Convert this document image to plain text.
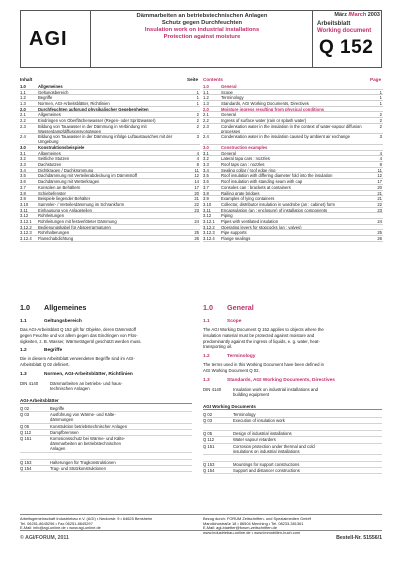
AGI
Dämmarbeiten an betriebstechnischen Anlagen
Schutz gegen Durchfeuchten
Insulation work on industrial installations
Protection against moisture
März /March 2003
Arbeitsblatt
Working document
Q 152
Inhalt	Seite
1.0	Allgemeines
1.1	Geltungsbereich	1
1.2	Begriffe	1
1.3	Normen, AGI-Arbeitsblätter, Richtlinien	1
2.0	Durchfeuchten aufgrund physikalischer Gegebenheiten
2.1	Allgemeines	2
2.2	Eindringen von Oberflächenwasser (Regen- oder Spritzwasser)	2
2.3	Bildung von Tauwasser in der Dämmung in Verbindung mit Wasserdampfdiffusionsvorgängen
2
2.4	Bildung von Tauwasser in der Dämmung infolge Luftaustausches mit der Umgebung
3
3.0	Konstruktionsbeispiele
3.1	Allgemeines	4
3.2	Seitliche Stutzen	4
3.3	Dachstutzen	8
3.4	Dichtkragen / Dachkrümmung	11
3.5	Dachdämmung mit Verteilerabdeckung im Dämmstoff	12
3.6	Dachdämmung mit Wetterkragen	14
3.7	Konsolen an Behältern	17
3.8	Schiebefenster	20
3.9	Beispiele liegender Behälter	21
3.10	Sammler- / Verteilerdämmung im Schrankform	22
3.11	Einhausung von Anlageteilen	23
3.12	Rohrleitungen
3.12.1	Rohrleitungen mit festverlöteter Dämmung	24
3.12.2	Bedienungskabel für Absperrarmaturen
3.12.3	Rohrhalterungen	25
3.12.4	Flanschabdichtung	26
Contents	Page
1.0	General
1.1	Scope	1
1.2	Terminology	1
1.3	Standards, AGI Working Documents, Directives	1
2.0	Moisture ingress resulting from physical conditions
2.1	General	2
2.2	Ingress of surface water (rain or splash water)	2
2.3	Condensation water in the insulation in the context of water-vapour diffusion processes
2
2.4	Condensation water in the insulation caused by ambient air exchange	3
3.0	Construction examples
3.1	General	4
3.2	Lateral tapa cars : nozzles	4
3.3	Roof taps can : nozzles	8
3.4	Sealing collar / roof edge ring	11
3.5	Roof insulation with differing diameter fold into the insulation	12
3.6	Roof insulation with standing seam with cap	17
3.7	Consoles can : brackets at containers	20
3.8	Railing grate bridges	21
3.9	Examples of lying containers	21
3.10	Collector, distributor insulation in wardrobe (an : cabinet) form	22
3.11	Encapsulation (an : enclosure) of installation components	23
3.12	Piping
3.12.1	Pipes with ventilated insulation	24
3.12.2	Operating levers for stopcocks (an : valves)
3.12.3	Pipe supports	25
3.12.4	Flange sealings	26
1.0 Allgemeines
1.1	Geltungsbereich
Das AGI-Arbeitsblatt Q 152 gilt für Objekte, deren Dämmstoff
gegen Feuchte und vor allem gegen das Eindringen von Flüs-
sigkeiten, z. B. Wasser, Wärmeträgeröl geschützt werden muss.
1.2	Begriffe
Die in diesem Arbeitsblatt verwendeten Begriffe sind im AGI-
Arbeitsblatt Q 02 definiert.
1.3	Normen, AGI-Arbeitsblätter, Richtlinien
DIN 4140	Dämmarbeiten an betriebs- und haus-
technischen Anlagen
AGI-Arbeitsblätter
Q 02	Begriffe
Q 03	Ausführung von Wärme- und Kälte-
dämmungen
Q 05	Konstruktion betriebstechnischer Anlagen
Q 112	Dampfbremsen
Q 151	Korrosionsschutz bei Wärme- und Kälte-
dämmarbeiten an betriebstechnischen
Anlagen
Q 153	Halterungen für Tragkonstruktionen
Q 154	Trag- und Stützkonstruktionen
1.0 General
1.1	Scope
The AGI Working Document Q 152 applies to objects where the
insulation material must be protected against moisture and
predominantly against the ingress of liquids, e. g. water, heat-
transporting oil.
1.2	Terminology
The terms used in this Working Document have been defined in
AGI Working Document Q 02.
1.3	Standards, AGI Working Documents, Directives
DIN 4140	Insulation work on industrial installations and
building equipment
AGI Working Documents
Q 02	Terminology
Q 03	Execution of insulation work
Q 05	Design of industrial installations
Q 112	Water vapour retarders
Q 151	Corrosion protection under thermal and cold
insulations on industrial installations
Q 153	Mountings for support constructions
Q 154	Support and distancer constructions
Arbeitsgemeinschaft Industriebau e.V. (AGI) • Neutorstr. 9 • 64625 Bensheim
Tel. 06251-8645296 • Fax 06251-8645297
E-Mail: info@agi-online.de • www.agi-online.de
Bezug durch: FORUM Zeitschriften- und Spezialmedien GmbH
Mandichostraße 18 • 86504 Merching • Tel. 08233-381361
E-Mail: agi-blaetter@forum-zeitschriften.de
www.industriebau-online.de • www.immobilien-buch.com
© AGI/FORUM, 2011	Bestell-Nr. 51556/1
